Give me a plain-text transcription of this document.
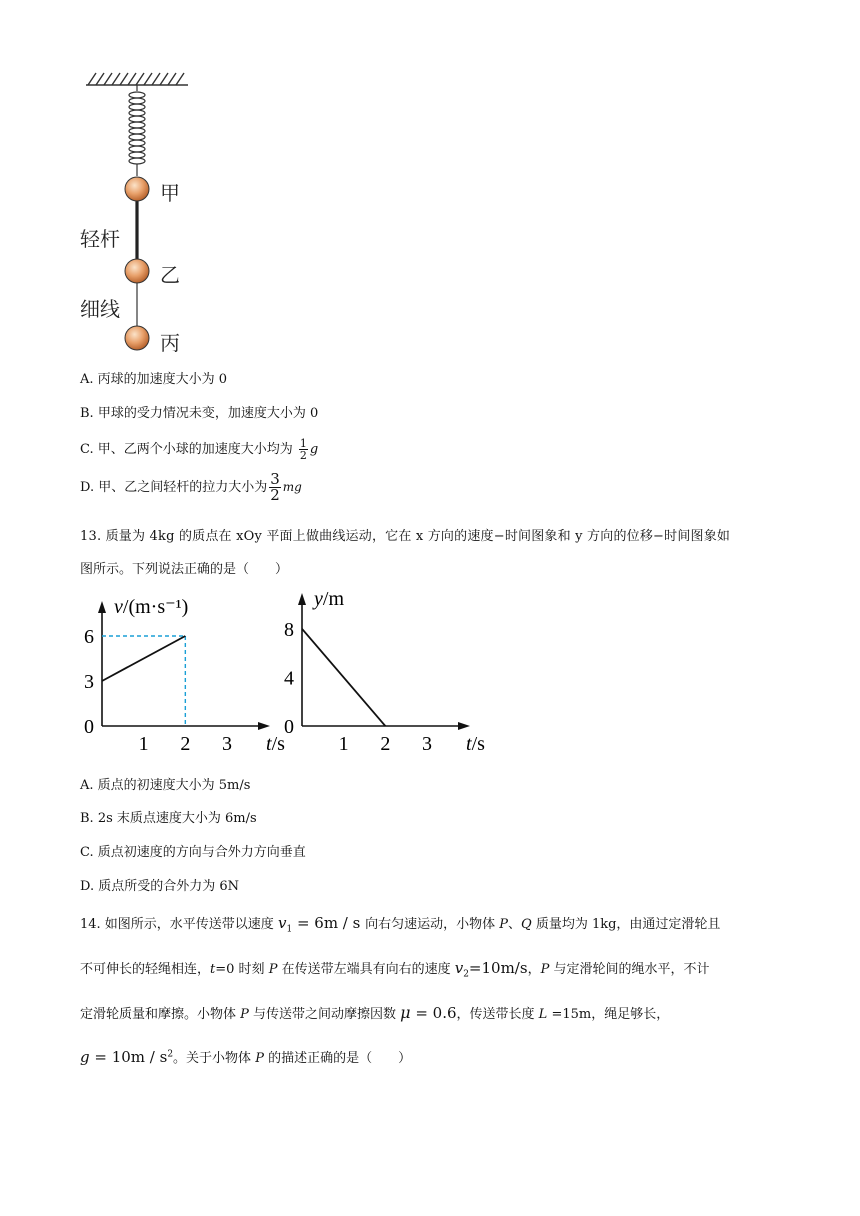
甲
轻杆
乙
细线
丙
A. 丙球的加速度大小为 0
B. 甲球的受力情况未变，加速度大小为 0
C. 甲、乙两个小球的加速度大小均为 $\frac{1}{2}$ g
D. 甲、乙之间轻杆的拉力大小为 $\frac{3}{2}$ mg
13. 质量为 4kg 的质点在 xOy 平面上做曲线运动，它在 x 方向的速度−时间图象和 y 方向的位移−时间图象如
图所示。下列说法正确的是（　　）
1 2 3
3
6
0
t/s
v/(m·s⁻¹)
1 2 3
4
8
0
t/s
y/m
A. 质点的初速度大小为 5m/s
B. 2s 末质点速度大小为 6m/s
C. 质点初速度的方向与合外力方向垂直
D. 质点所受的合外力为 6N
14. 如图所示，水平传送带以速度 $v_1 = 6m / s$ 向右匀速运动，小物体 P、Q 质量均为 1kg，由通过定滑轮且
不可伸长的轻绳相连，t=0 时刻 P 在传送带左端具有向右的速度 $v_2=10m/s$，P 与定滑轮间的绳水平，不计
定滑轮质量和摩擦。小物体 P 与传送带之间动摩擦因数 μ = 0.6，传送带长度 L =15m，绳足够长，
$g = 10m / s^2$。关于小物体 P 的描述正确的是（　　）
